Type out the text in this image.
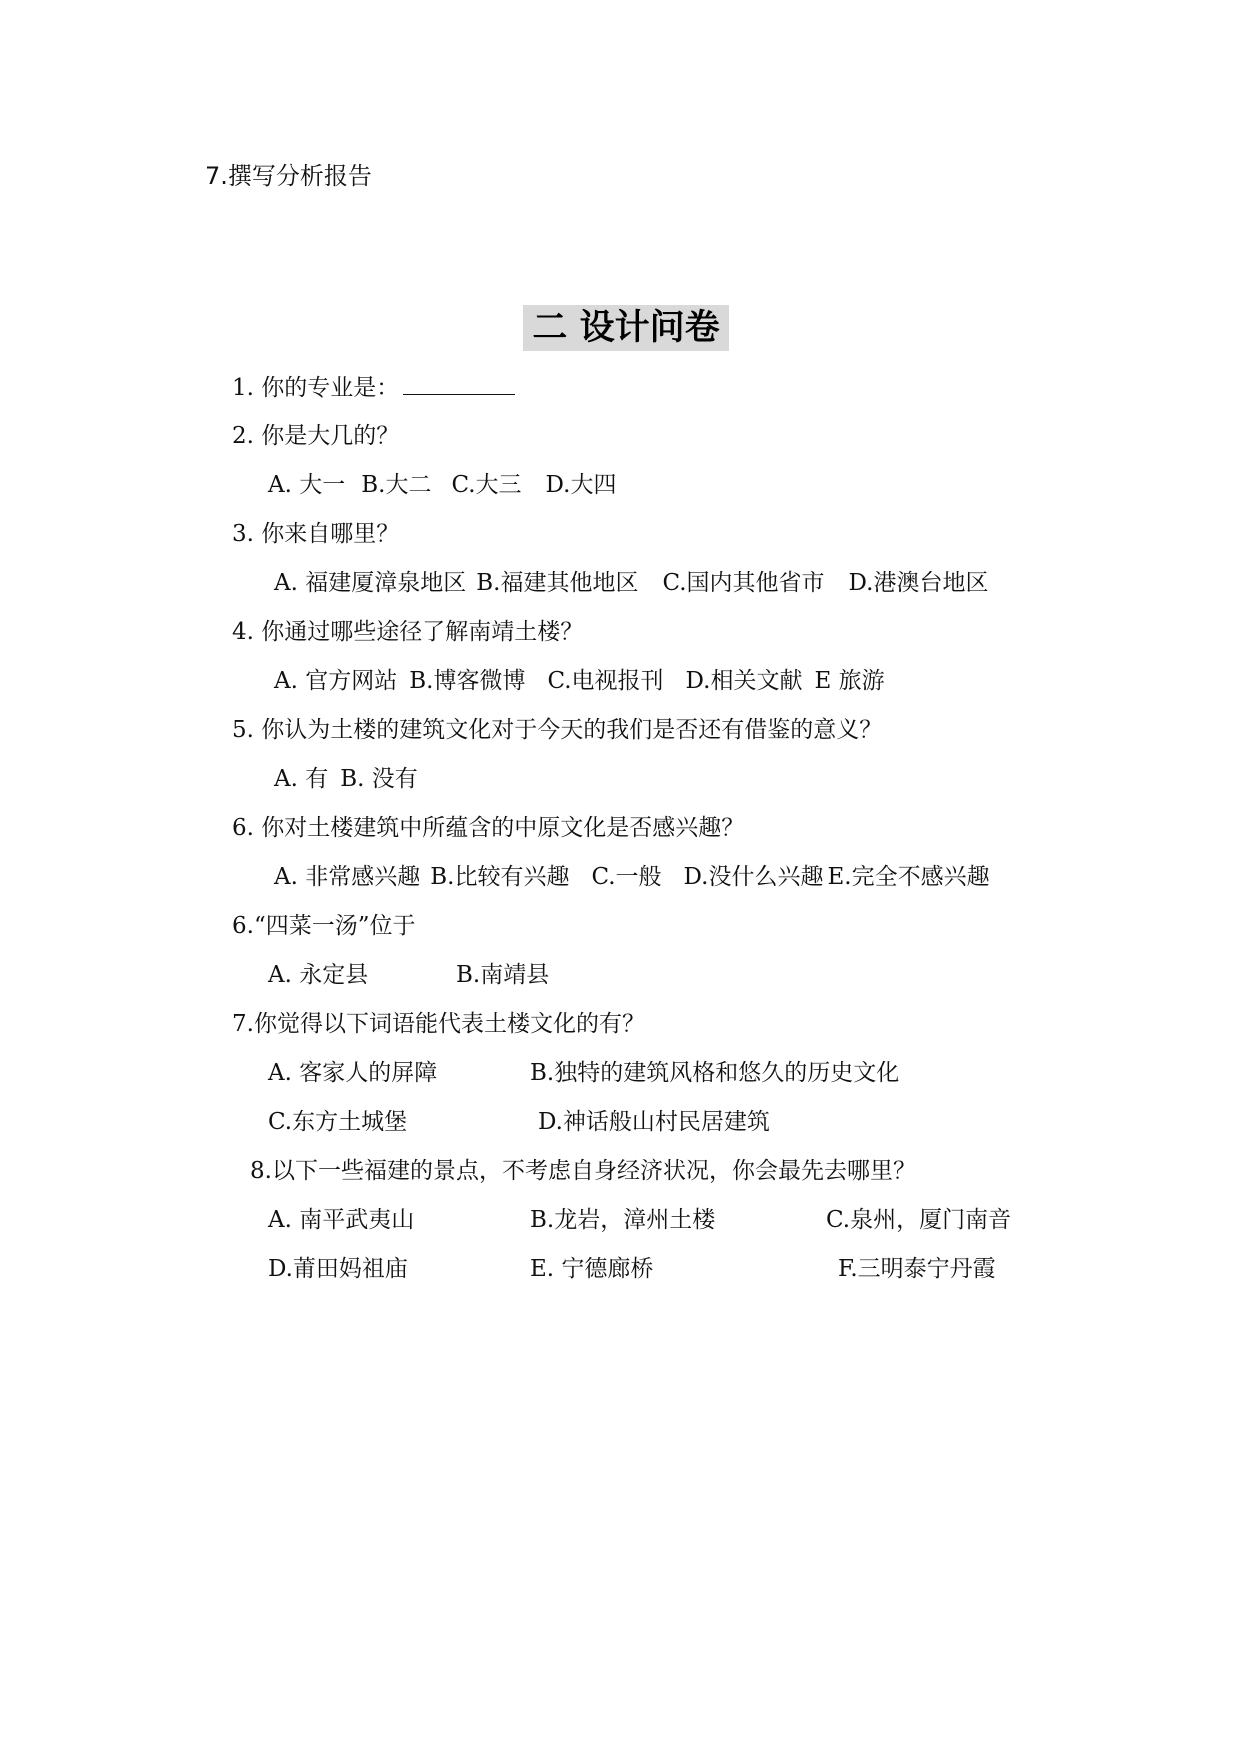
7.撰写分析报告
二 设计问卷
1. 你的专业是：
2. 你是大几的？
A. 大一 B.大二 C.大三 D.大四
3. 你来自哪里？
A. 福建厦漳泉地区 B.福建其他地区 C.国内其他省市 D.港澳台地区
4. 你通过哪些途径了解南靖土楼？
A. 官方网站 B.博客微博 C.电视报刊 D.相关文献 E 旅游
5. 你认为土楼的建筑文化对于今天的我们是否还有借鉴的意义？
A. 有 B. 没有
6. 你对土楼建筑中所蕴含的中原文化是否感兴趣？
A. 非常感兴趣 B.比较有兴趣 C.一般 D.没什么兴趣 E.完全不感兴趣
6.“四菜一汤”位于
A. 永定县	B.南靖县
7.你觉得以下词语能代表土楼文化的有？
A. 客家人的屏障	B.独特的建筑风格和悠久的历史文化
C.东方土城堡	D.神话般山村民居建筑
8.以下一些福建的景点，不考虑自身经济状况，你会最先去哪里？
A. 南平武夷山	B.龙岩，漳州土楼	C.泉州，厦门南音
D.莆田妈祖庙	E. 宁德廊桥	F.三明泰宁丹霞
